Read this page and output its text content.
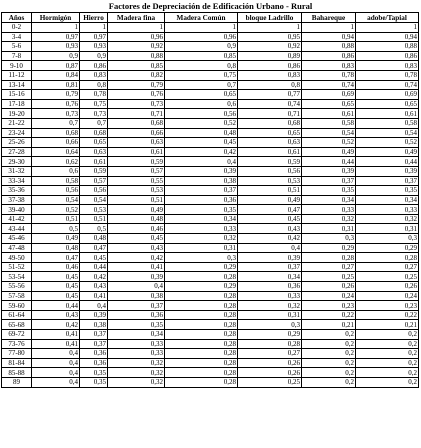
Factores de Depreciación de Edificación Urbano - Rural
Años	Hormigón	Hierro	Madera fina	Madera Común	bloque Ladrillo	Bahareque	adobe/Tapial
0-2	1	1	1	1	1	1	1
3-4	0,97	0,97	0,96	0,96	0,95	0,94	0,94
5-6	0,93	0,93	0,92	0,9	0,92	0,88	0,88
7-8	0,9	0,9	0,88	0,85	0,89	0,86	0,86
9-10	0,87	0,86	0,85	0,8	0,86	0,83	0,83
11-12	0,84	0,83	0,82	0,75	0,83	0,78	0,78
13-14	0,81	0,8	0,79	0,7	0,8	0,74	0,74
15-16	0,79	0,78	0,76	0,65	0,77	0,69	0,69
17-18	0,76	0,75	0,73	0,6	0,74	0,65	0,65
19-20	0,73	0,73	0,71	0,56	0,71	0,61	0,61
21-22	0,7	0,7	0,68	0,52	0,68	0,58	0,58
23-24	0,68	0,68	0,66	0,48	0,65	0,54	0,54
25-26	0,66	0,65	0,63	0,45	0,63	0,52	0,52
27-28	0,64	0,63	0,61	0,42	0,61	0,49	0,49
29-30	0,62	0,61	0,59	0,4	0,59	0,44	0,44
31-32	0,6	0,59	0,57	0,39	0,56	0,39	0,39
33-34	0,58	0,57	0,55	0,38	0,53	0,37	0,37
35-36	0,56	0,56	0,53	0,37	0,51	0,35	0,35
37-38	0,54	0,54	0,51	0,36	0,49	0,34	0,34
39-40	0,52	0,53	0,49	0,35	0,47	0,33	0,33
41-42	0,51	0,51	0,48	0,34	0,45	0,32	0,32
43-44	0,5	0,5	0,46	0,33	0,43	0,31	0,31
45-46	0,49	0,48	0,45	0,32	0,42	0,3	0,3
47-48	0,48	0,47	0,43	0,31	0,4	0,29	0,29
49-50	0,47	0,45	0,42	0,3	0,39	0,28	0,28
51-52	0,46	0,44	0,41	0,29	0,37	0,27	0,27
53-54	0,45	0,42	0,39	0,28	0,34	0,25	0,25
55-56	0,45	0,43	0,4	0,29	0,36	0,26	0,26
57-58	0,45	0,41	0,38	0,28	0,33	0,24	0,24
59-60	0,44	0,4	0,37	0,28	0,32	0,23	0,23
61-64	0,43	0,39	0,36	0,28	0,31	0,22	0,22
65-68	0,42	0,38	0,35	0,28	0,3	0,21	0,21
69-72	0,41	0,37	0,34	0,28	0,29	0,2	0,2
73-76	0,41	0,37	0,33	0,28	0,28	0,2	0,2
77-80	0,4	0,36	0,33	0,28	0,27	0,2	0,2
81-84	0,4	0,36	0,32	0,28	0,26	0,2	0,2
85-88	0,4	0,35	0,32	0,28	0,26	0,2	0,2
89	0,4	0,35	0,32	0,28	0,25	0,2	0,2
